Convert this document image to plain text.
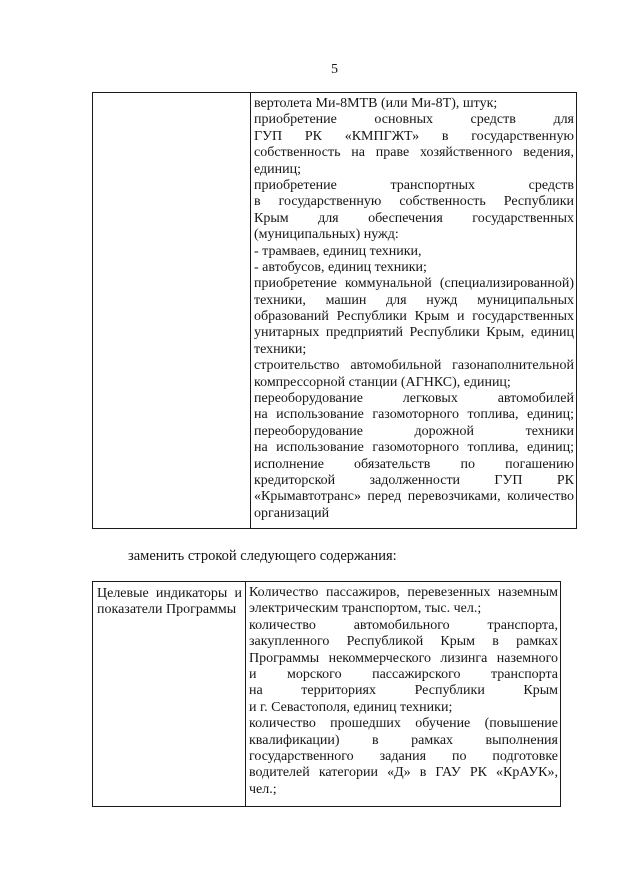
5
вертолета Ми-8МТВ (или Ми-8Т), штук;
приобретение основных средств для
ГУП РК «КМПГЖТ» в государственную
собственность на праве хозяйственного ведения,
единиц;
приобретение транспортных средств
в государственную собственность Республики
Крым для обеспечения государственных
(муниципальных) нужд:
- трамваев, единиц техники,
- автобусов, единиц техники;
приобретение коммунальной (специализированной)
техники, машин для нужд муниципальных
образований Республики Крым и государственных
унитарных предприятий Республики Крым, единиц
техники;
строительство автомобильной газонаполнительной
компрессорной станции (АГНКС), единиц;
переоборудование легковых автомобилей
на использование газомоторного топлива, единиц;
переоборудование дорожной техники
на использование газомоторного топлива, единиц;
исполнение обязательств по погашению
кредиторской задолженности ГУП РК
«Крымавтотранс» перед перевозчиками, количество
организаций
заменить строкой следующего содержания:
Целевые индикаторы и
показатели Программы
Количество пассажиров, перевезенных наземным
электрическим транспортом, тыс. чел.;
количество автомобильного транспорта,
закупленного Республикой Крым в рамках
Программы некоммерческого лизинга наземного
и морского пассажирского транспорта
на территориях Республики Крым
и г. Севастополя, единиц техники;
количество прошедших обучение (повышение
квалификации) в рамках выполнения
государственного задания по подготовке
водителей категории «Д» в ГАУ РК «КрАУК»,
чел.;
